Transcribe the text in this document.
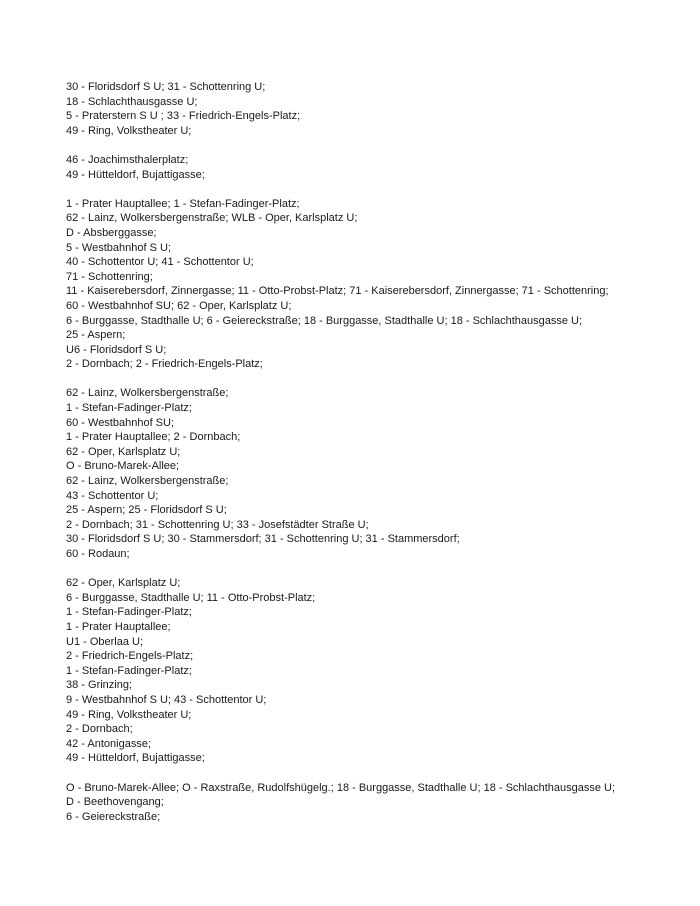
30 - Floridsdorf S U; 31 - Schottenring U;
18 - Schlachthausgasse U;
5 - Praterstern S U ; 33 - Friedrich-Engels-Platz;
49 - Ring, Volkstheater U;
46 - Joachimsthalerplatz;
49 - Hütteldorf, Bujattigasse;
1 - Prater Hauptallee; 1 - Stefan-Fadinger-Platz;
62 - Lainz, Wolkersbergenstraße; WLB - Oper, Karlsplatz U;
D - Absberggasse;
5 - Westbahnhof S U;
40 - Schottentor U; 41 - Schottentor U;
71 - Schottenring;
11 - Kaiserebersdorf, Zinnergasse; 11 - Otto-Probst-Platz; 71 - Kaiserebersdorf, Zinnergasse; 71 - Schottenring;
60 - Westbahnhof SU; 62 - Oper, Karlsplatz U;
6 - Burggasse, Stadthalle U; 6 - Geiereckstraße; 18 - Burggasse, Stadthalle U; 18 - Schlachthausgasse U;
25 - Aspern;
U6 - Floridsdorf S U;
2 - Dornbach; 2 - Friedrich-Engels-Platz;
62 - Lainz, Wolkersbergenstraße;
1 - Stefan-Fadinger-Platz;
60 - Westbahnhof SU;
1 - Prater Hauptallee; 2 - Dornbach;
62 - Oper, Karlsplatz U;
O - Bruno-Marek-Allee;
62 - Lainz, Wolkersbergenstraße;
43 - Schottentor U;
25 - Aspern; 25 - Floridsdorf S U;
2 - Dornbach; 31 - Schottenring U; 33 - Josefstädter Straße U;
30 - Floridsdorf S U; 30 - Stammersdorf; 31 - Schottenring U; 31 - Stammersdorf;
60 - Rodaun;
62 - Oper, Karlsplatz U;
6 - Burggasse, Stadthalle U; 11 - Otto-Probst-Platz;
1 - Stefan-Fadinger-Platz;
1 - Prater Hauptallee;
U1 - Oberlaa U;
2 - Friedrich-Engels-Platz;
1 - Stefan-Fadinger-Platz;
38 - Grinzing;
9 - Westbahnhof S U; 43 - Schottentor U;
49 - Ring, Volkstheater U;
2 - Dornbach;
42 - Antonigasse;
49 - Hütteldorf, Bujattigasse;
O - Bruno-Marek-Allee; O - Raxstraße, Rudolfshügelg.; 18 - Burggasse, Stadthalle U; 18 - Schlachthausgasse U;
D - Beethovengang;
6 - Geiereckstraße;
